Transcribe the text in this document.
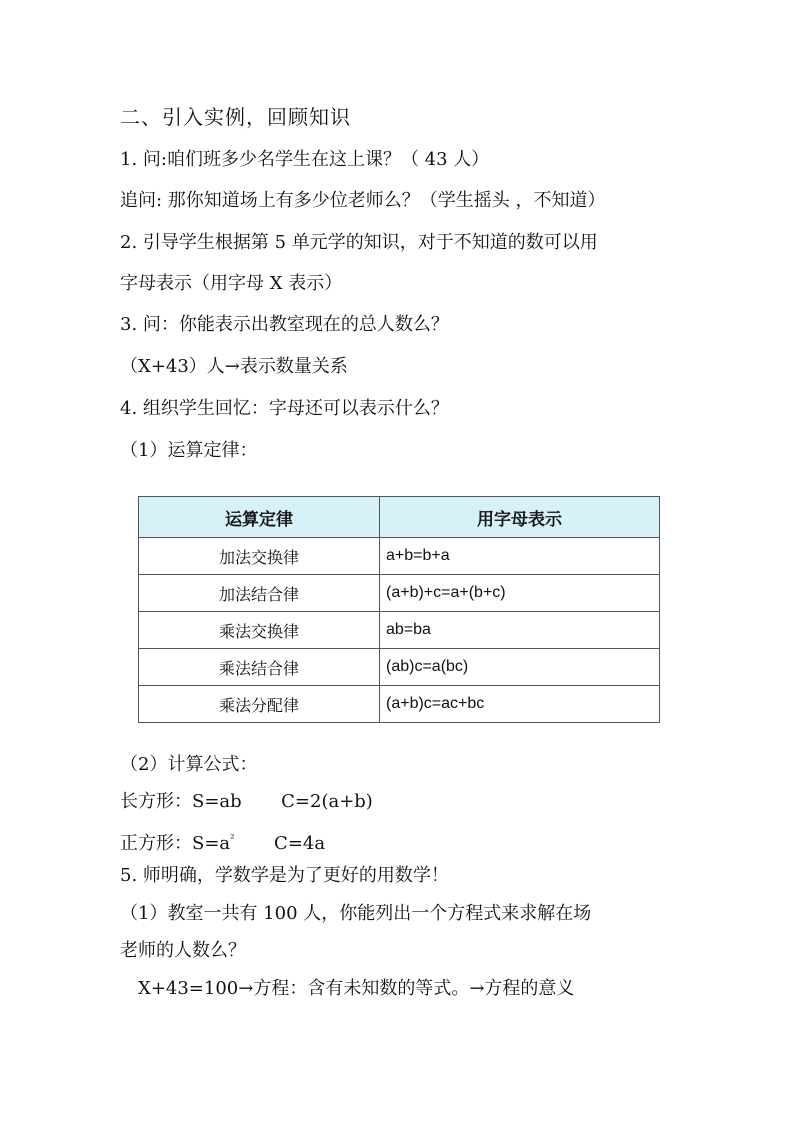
二、引入实例，回顾知识
1. 问:咱们班多少名学生在这上课？（ 43 人）
追问: 那你知道场上有多少位老师么？（学生摇头 ，不知道）
2. 引导学生根据第 5 单元学的知识，对于不知道的数可以用
字母表示（用字母 X 表示）
3. 问：你能表示出教室现在的总人数么？
（X+43）人→表示数量关系
4. 组织学生回忆：字母还可以表示什么？
（1）运算定律：
运算定律	用字母表示
加法交换律	a+b=b+a
加法结合律	(a+b)+c=a+(b+c)
乘法交换律	ab=ba
乘法结合律	(ab)c=a(bc)
乘法分配律	(a+b)c=ac+bc
（2）计算公式：
长方形：S=ab C=2(a+b)
正方形：$S=a^{^2}$ C=4a
5. 师明确，学数学是为了更好的用数学！
（1）教室一共有 100 人，你能列出一个方程式来求解在场
老师的人数么？
X+43=100→方程：含有未知数的等式。→方程的意义
